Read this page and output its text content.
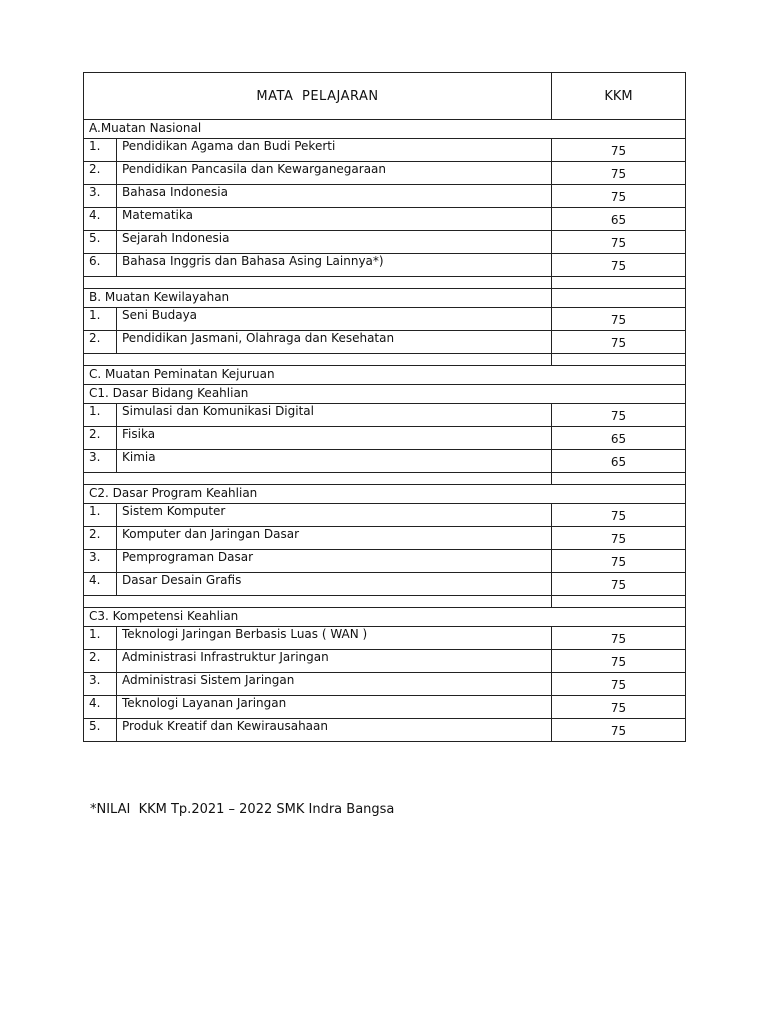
MATA PELAJARAN		KKM
A.Muatan Nasional		
1.	Pendidikan Agama dan Budi Pekerti	75
2.	Pendidikan Pancasila dan Kewarganegaraan	75
3.	Bahasa Indonesia	75
4.	Matematika	65
5.	Sejarah Indonesia	75
6.	Bahasa Inggris dan Bahasa Asing Lainnya*)	75

B. Muatan Kewilayahan		
1.	Seni Budaya	75
2.	Pendidikan Jasmani, Olahraga dan Kesehatan	75

C. Muatan Peminatan Kejuruan		
C1. Dasar Bidang Keahlian		
1.	Simulasi dan Komunikasi Digital	75
2.	Fisika	65
3.	Kimia	65

C2. Dasar Program Keahlian		
1.	Sistem Komputer	75
2.	Komputer dan Jaringan Dasar	75
3.	Pemprograman Dasar	75
4.	Dasar Desain Grafis	75

C3. Kompetensi Keahlian		
1.	Teknologi Jaringan Berbasis Luas ( WAN )	75
2.	Administrasi Infrastruktur Jaringan	75
3.	Administrasi Sistem Jaringan	75
4.	Teknologi Layanan Jaringan	75
5.	Produk Kreatif dan Kewirausahaan	75
*NILAI  KKM Tp.2021 – 2022 SMK Indra Bangsa
